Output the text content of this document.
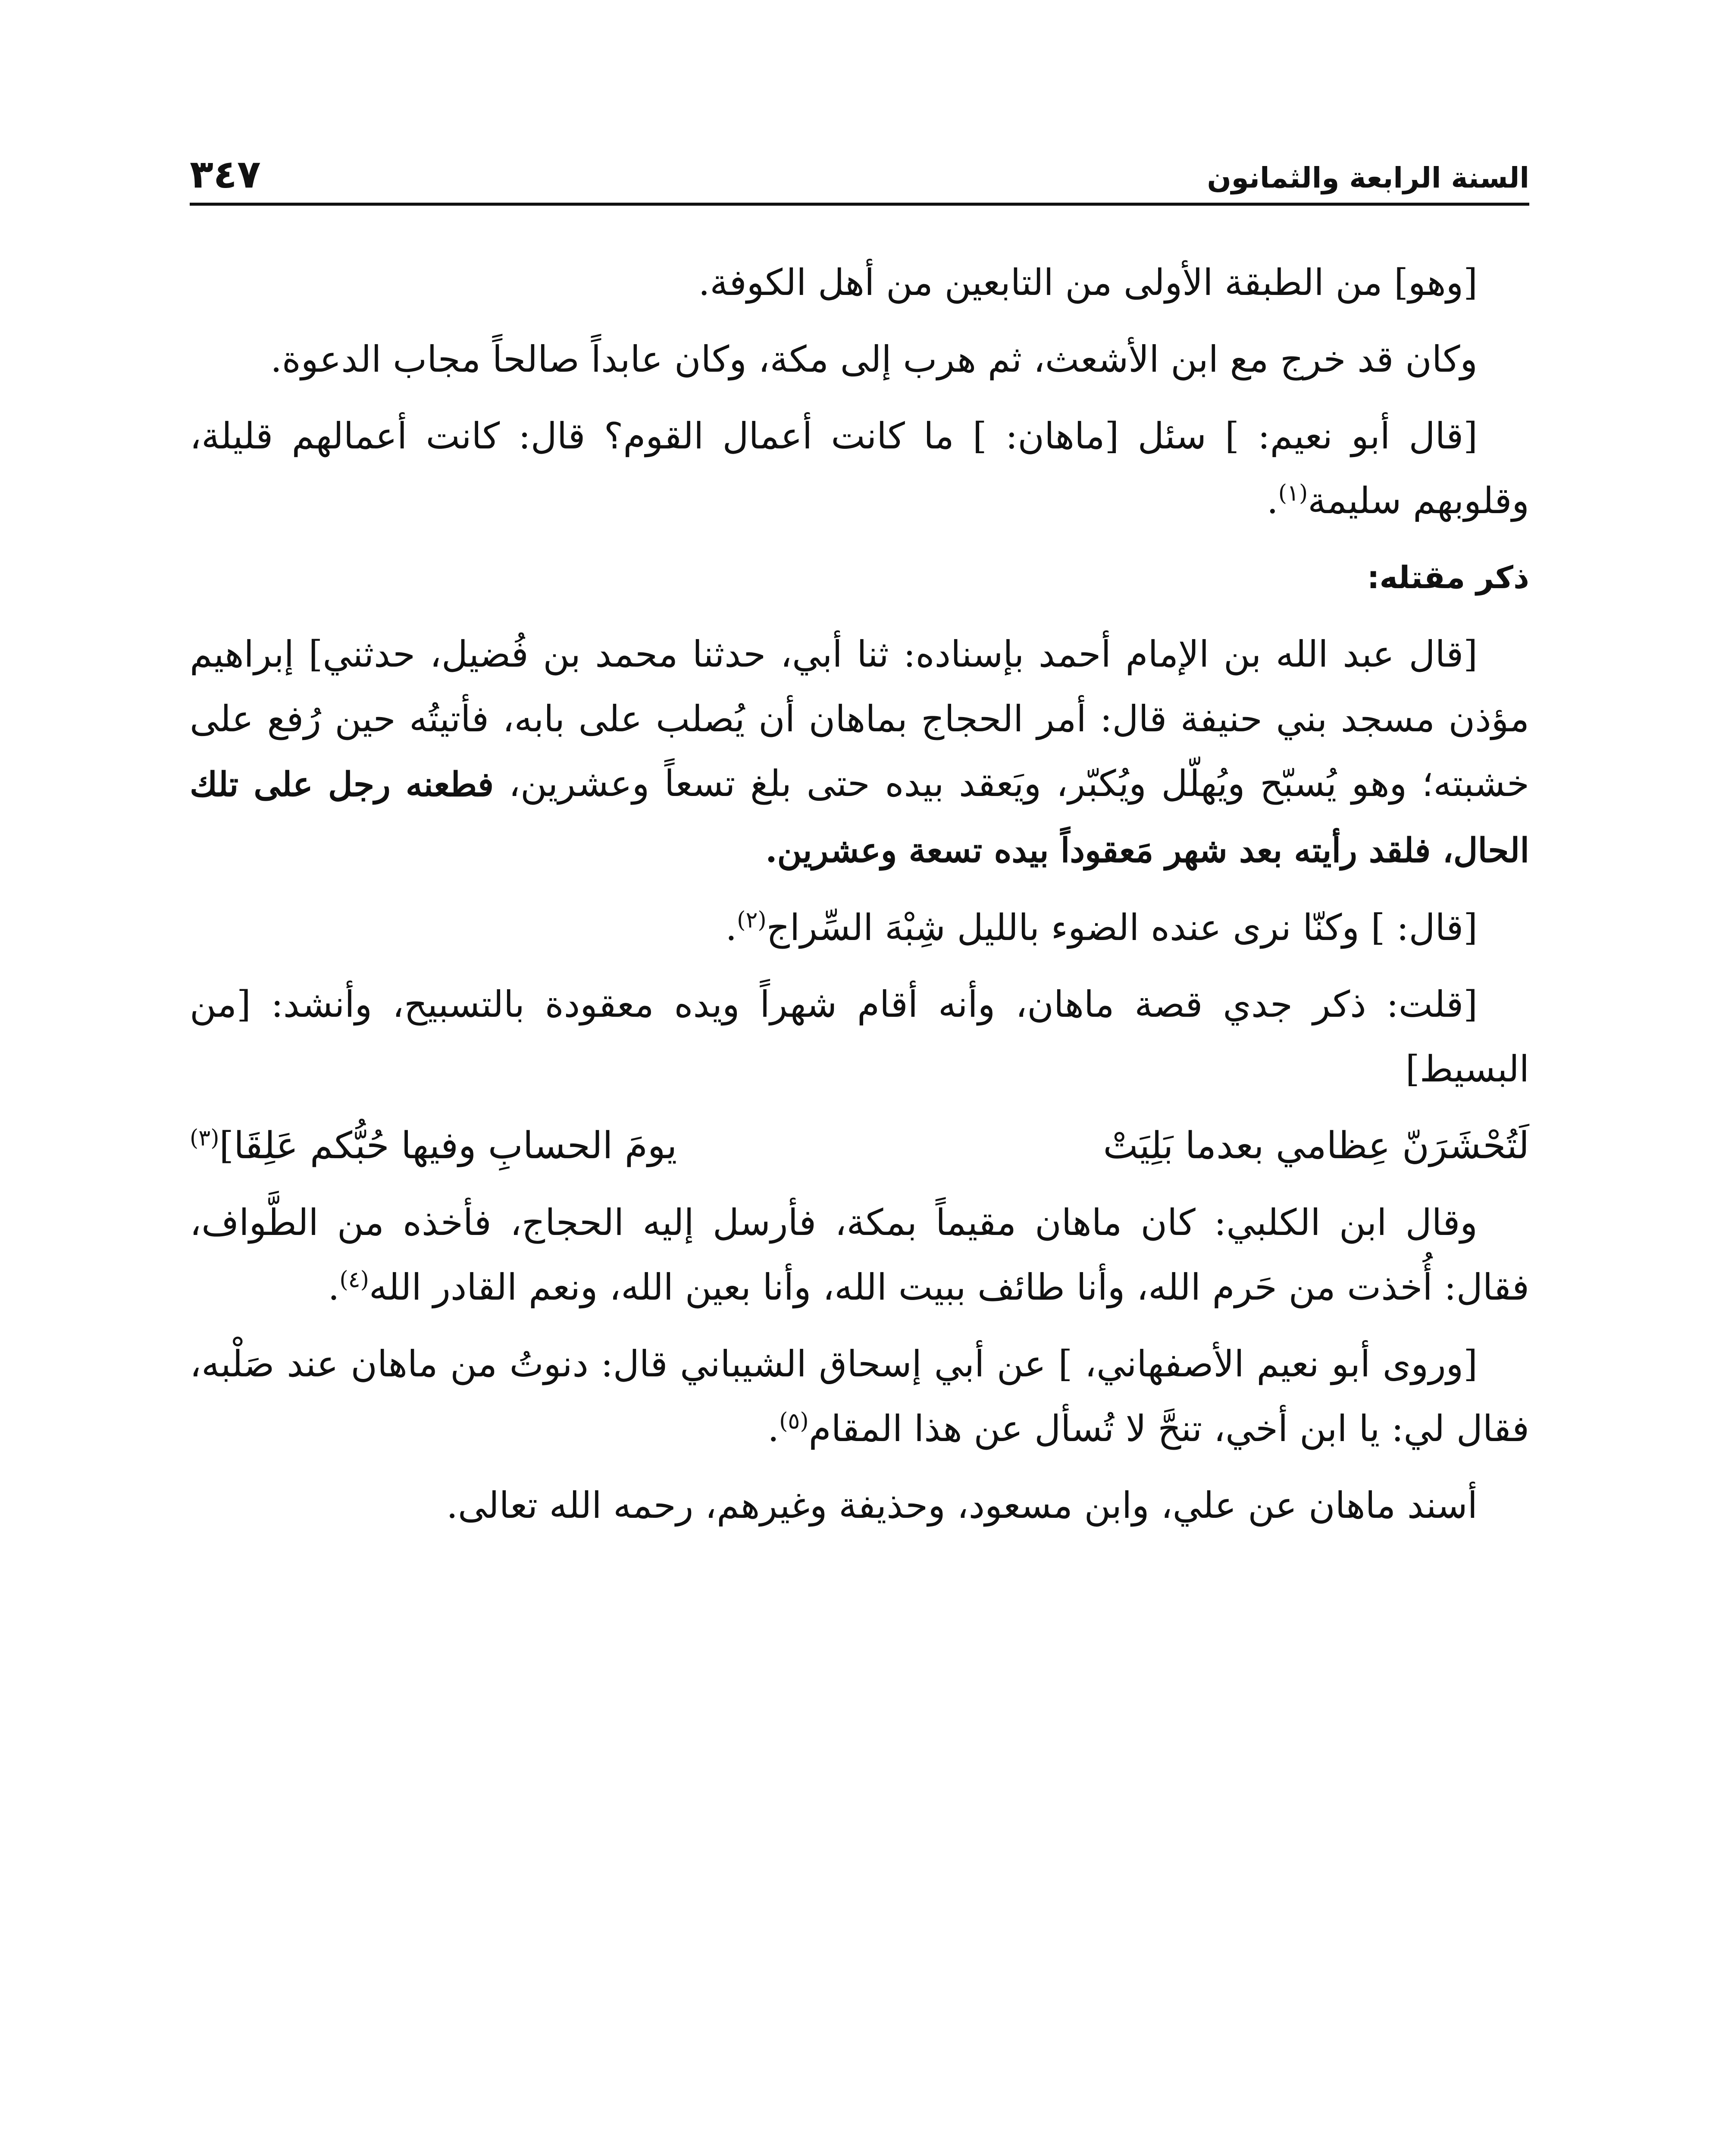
السنة الرابعة والثمانون
٣٤٧

[وهو] من الطبقة الأولى من التابعين من أهل الكوفة.

وكان قد خرج مع ابن الأشعث، ثم هرب إلى مكة، وكان عابداً صالحاً مجاب الدعوة.

[قال أبو نعيم: ] سئل [ماهان: ] ما كانت أعمال القوم؟ قال: كانت أعمالهم قليلة، وقلوبهم سليمة$^{(١)}$.

ذكر مقتله:

[قال عبد الله بن الإمام أحمد بإسناده: ثنا أبي، حدثنا محمد بن فُضيل، حدثني] إبراهيم مؤذن مسجد بني حنيفة قال: أمر الحجاج بماهان أن يُصلب على بابه، فأتيتُه حين رُفع على خشبته؛ وهو يُسبّح ويُهلّل ويُكبّر، ويَعقد بيده حتى بلغ تسعاً وعشرين، فطعنه رجل على تلك الحال، فلقد رأيته بعد شهر مَعقوداً بيده تسعة وعشرين.

[قال: ] وكنّا نرى عنده الضوء بالليل شِبْهَ السِّراج$^{(٢)}$.

[قلت: ذكر جدي قصة ماهان، وأنه أقام شهراً ويده معقودة بالتسبيح، وأنشد: [من البسيط]

لَتُحْشَرَنّ عِظامي بعدما بَلِيَتْ
يومَ الحسابِ وفيها حُبُّكم عَلِقَا]$^{(٣)}$

وقال ابن الكلبي: كان ماهان مقيماً بمكة، فأرسل إليه الحجاج، فأخذه من الطَّواف، فقال: أُخذت من حَرم الله، وأنا طائف ببيت الله، وأنا بعين الله، ونعم القادر الله$^{(٤)}$.

[وروى أبو نعيم الأصفهاني، ] عن أبي إسحاق الشيباني قال: دنوتُ من ماهان عند صَلْبه، فقال لي: يا ابن أخي، تنحَّ لا تُسأل عن هذا المقام$^{(٥)}$.

أسند ماهان عن علي، وابن مسعود، وحذيفة وغيرهم، رحمه الله تعالى.
